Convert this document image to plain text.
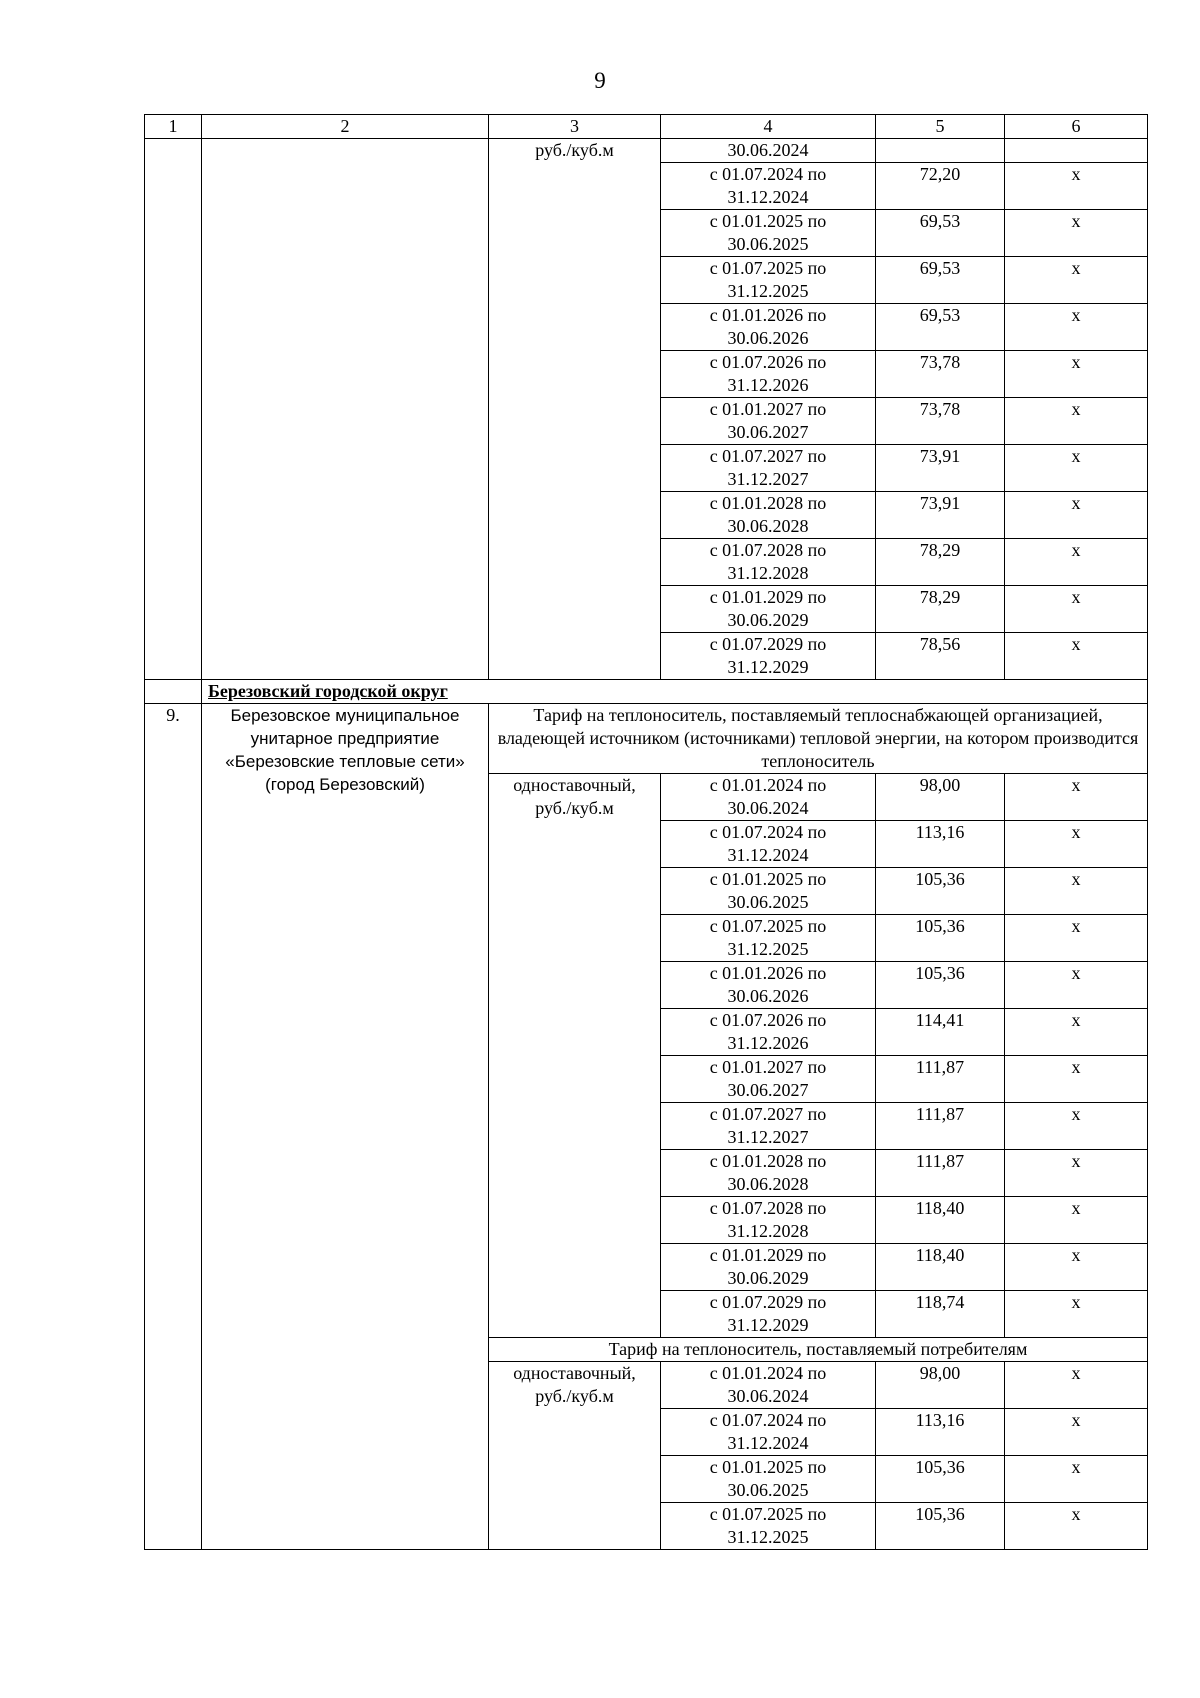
9
1	2	3	4	5	6
		руб./куб.м	30.06.2024		
			с 01.07.2024 по 31.12.2024	72,20	x
			с 01.01.2025 по 30.06.2025	69,53	x
			с 01.07.2025 по 31.12.2025	69,53	x
			с 01.01.2026 по 30.06.2026	69,53	x
			с 01.07.2026 по 31.12.2026	73,78	x
			с 01.01.2027 по 30.06.2027	73,78	x
			с 01.07.2027 по 31.12.2027	73,91	x
			с 01.01.2028 по 30.06.2028	73,91	x
			с 01.07.2028 по 31.12.2028	78,29	x
			с 01.01.2029 по 30.06.2029	78,29	x
			с 01.07.2029 по 31.12.2029	78,56	x
	Березовский городской округ				
9.	Березовское муниципальное унитарное предприятие «Березовские тепловые сети» (город Березовский)	Тариф на теплоноситель, поставляемый теплоснабжающей организацией, владеющей источником (источниками) тепловой энергии, на котором производится теплоноситель			
		одноставочный, руб./куб.м	с 01.01.2024 по 30.06.2024	98,00	x
			с 01.07.2024 по 31.12.2024	113,16	x
			с 01.01.2025 по 30.06.2025	105,36	x
			с 01.07.2025 по 31.12.2025	105,36	x
			с 01.01.2026 по 30.06.2026	105,36	x
			с 01.07.2026 по 31.12.2026	114,41	x
			с 01.01.2027 по 30.06.2027	111,87	x
			с 01.07.2027 по 31.12.2027	111,87	x
			с 01.01.2028 по 30.06.2028	111,87	x
			с 01.07.2028 по 31.12.2028	118,40	x
			с 01.01.2029 по 30.06.2029	118,40	x
			с 01.07.2029 по 31.12.2029	118,74	x
		Тариф на теплоноситель, поставляемый потребителям			
		одноставочный, руб./куб.м	с 01.01.2024 по 30.06.2024	98,00	x
			с 01.07.2024 по 31.12.2024	113,16	x
			с 01.01.2025 по 30.06.2025	105,36	x
			с 01.07.2025 по 31.12.2025	105,36	x
